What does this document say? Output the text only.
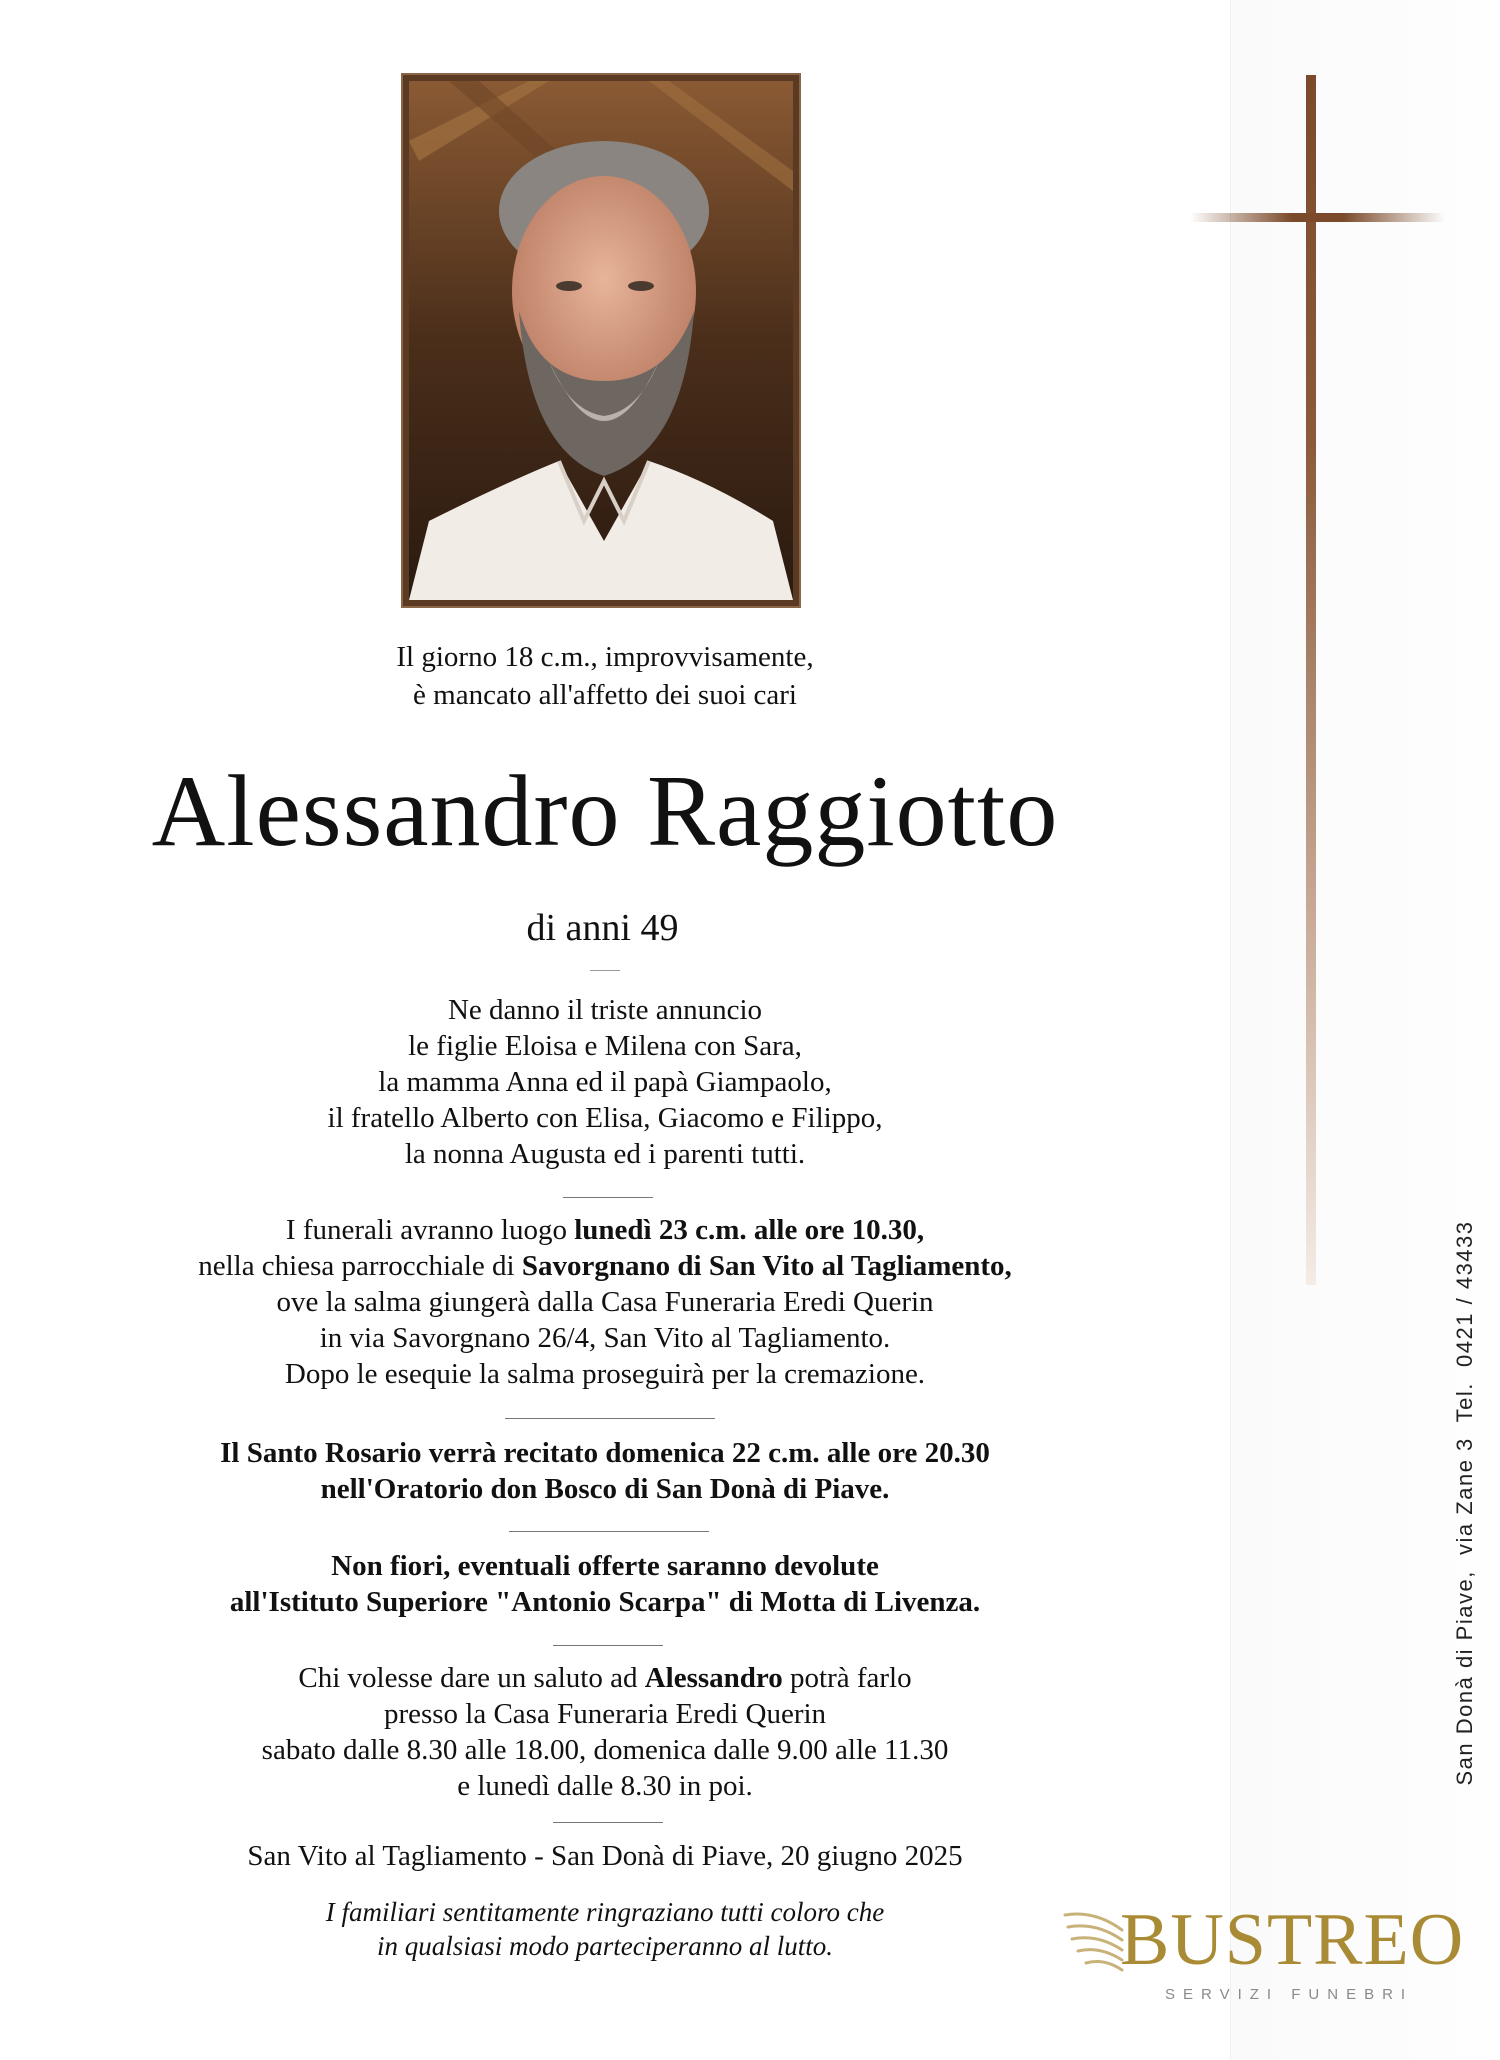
San Donà di Piave,  via Zane 3  Tel.  0421 / 43433
Il giorno 18 c.m., improvvisamente,
è mancato all'affetto dei suoi cari
Alessandro Raggiotto
di anni 49
Ne danno il triste annuncio
le figlie Eloisa e Milena con Sara,
la mamma Anna ed il papà Giampaolo,
il fratello Alberto con Elisa, Giacomo e Filippo,
la nonna Augusta ed i parenti tutti.
I funerali avranno luogo lunedì 23 c.m. alle ore 10.30,
nella chiesa parrocchiale di Savorgnano di San Vito al Tagliamento,
ove la salma giungerà dalla Casa Funeraria Eredi Querin
in via Savorgnano 26/4, San Vito al Tagliamento.
Dopo le esequie la salma proseguirà per la cremazione.
Il Santo Rosario verrà recitato domenica 22 c.m. alle ore 20.30
nell'Oratorio don Bosco di San Donà di Piave.
Non fiori, eventuali offerte saranno devolute
all'Istituto Superiore "Antonio Scarpa" di Motta di Livenza.
Chi volesse dare un saluto ad Alessandro potrà farlo
presso la Casa Funeraria Eredi Querin
sabato dalle 8.30 alle 18.00, domenica dalle 9.00 alle 11.30
e lunedì dalle 8.30 in poi.
San Vito al Tagliamento - San Donà di Piave, 20 giugno 2025
I familiari sentitamente ringraziano tutti coloro che
in qualsiasi modo parteciperanno al lutto.	BUSTREO
SERVIZI FUNEBRI
